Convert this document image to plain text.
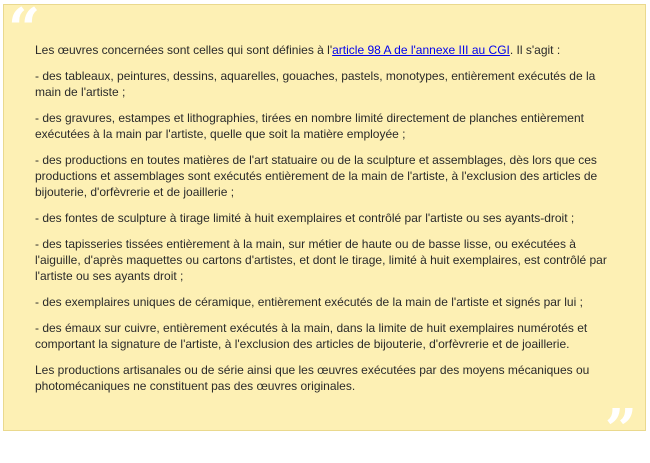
“

Les œuvres concernées sont celles qui sont définies à l'article 98 A de l'annexe III au CGI. Il s'agit :

- des tableaux, peintures, dessins, aquarelles, gouaches, pastels, monotypes, entièrement exécutés de la main de l'artiste ;

- des gravures, estampes et lithographies, tirées en nombre limité directement de planches entièrement exécutées à la main par l'artiste, quelle que soit la matière employée ;

- des productions en toutes matières de l'art statuaire ou de la sculpture et assemblages, dès lors que ces productions et assemblages sont exécutés entièrement de la main de l'artiste, à l'exclusion des articles de bijouterie, d'orfèvrerie et de joaillerie ;

- des fontes de sculpture à tirage limité à huit exemplaires et contrôlé par l'artiste ou ses ayants-droit ;

- des tapisseries tissées entièrement à la main, sur métier de haute ou de basse lisse, ou exécutées à l'aiguille, d'après maquettes ou cartons d'artistes, et dont le tirage, limité à huit exemplaires, est contrôlé par l'artiste ou ses ayants droit ;

- des exemplaires uniques de céramique, entièrement exécutés de la main de l'artiste et signés par lui ;

- des émaux sur cuivre, entièrement exécutés à la main, dans la limite de huit exemplaires numérotés et comportant la signature de l'artiste, à l'exclusion des articles de bijouterie, d'orfèvrerie et de joaillerie.

Les productions artisanales ou de série ainsi que les œuvres exécutées par des moyens mécaniques ou photomécaniques ne constituent pas des œuvres originales.

”
